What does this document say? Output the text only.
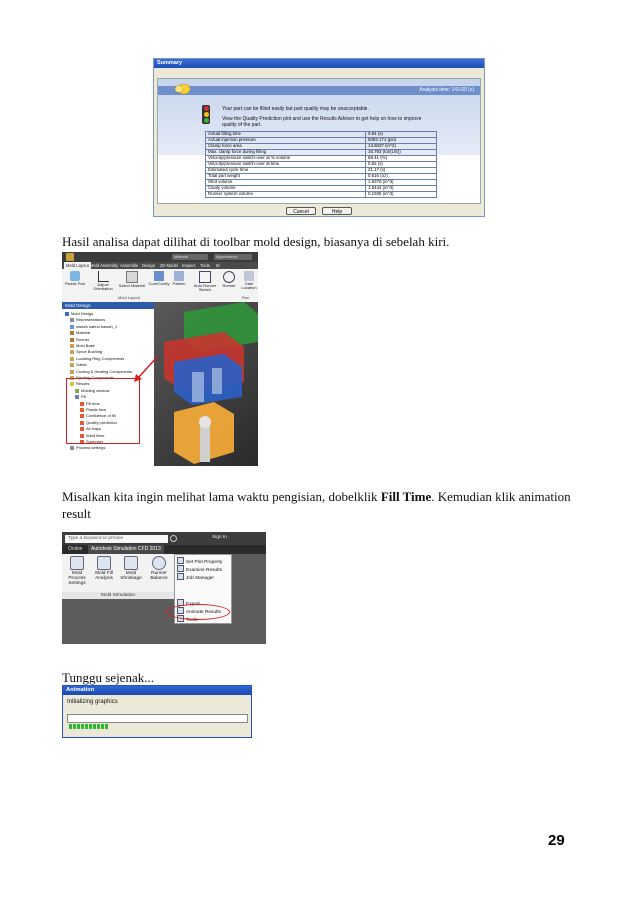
Summary
Analysis time: 143.69 (s)
Your part can be filled easily but part quality may be unacceptable.
View the Quality Prediction plot and use the Results Adviser to get help on how to improve quality of the part.
Actual filling time	0.84 (s)
Actual injection pressure	6093.171 (psi)
Clamp force area	13.6037 (in^2)
Max. clamp force during filling	16.793 (ton(US))
Velocity/pressure switch-over at % volume	98.41 (%)
Velocity/pressure switch-over at time	0.82 (s)
Estimated cycle time	21.17 (s)
Total part weight	0.616 (oz)
Shot volume	1.8379 (in^3)
Cavity volume	1.6444 (in^3)
Runner system volume	0.1935 (in^3)
Cancel	Help
Hasil analisa dapat dilihat di toolbar mold design, biasanya di sebelah kiri.
Material	Appearance
Mold Layout Mold Assembly Assemble Design 3D Model Inspect Tools M
Plastic Part	Adjust Orientation
Select Material Core/Cavity Pattern	Auto Runner Sketch
Runner	Gate Location
Mold Layout	Run
Mold Design
Mold Design
Representations
wadah sabun bawah_1
Material
Runner
Mold Base
Sprue Bushing
Locating Ring Components
Gates
Cooling & Heating Components
Ejecting Components
Results
Molding window
Fill
Fill time
Plastic flow
Confidence of fill
Quality prediction
Air traps
Weld lines
Summary
Process settings
Misalkan kita ingin melihat lama waktu pengisian, dobelklik Fill Time. Kemudian klik animation result
Type a keyword or phrase	Sign In
Online	Autodesk Simulation CFD 2013
Mold Process Settings
Mold Fill Analysis
Mold Shrinkage
Runner Balance
Mold Simulation
Set Plot Property
Examine Results
Job Manager
Export
Animate Results
Tools
Tunggu sejenak...
Animation
Initializing graphics
29
